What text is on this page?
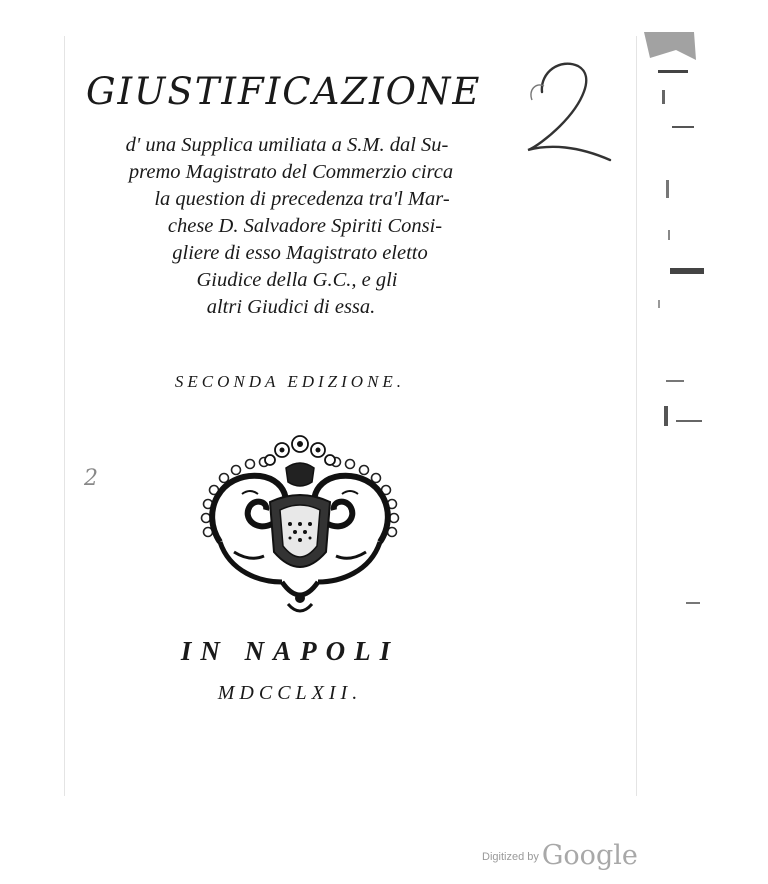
GIUSTIFICAZIONE
d' una Supplica umiliata a S.M. dal Su-
premo Magistrato del Commerzio circa
la question di precedenza tra'l Mar-
chese D. Salvadore Spiriti Consi-
gliere di esso Magistrato eletto
Giudice della G.C., e gli
altri Giudici di essa.
SECONDA EDIZIONE.
IN NAPOLI
MDCCLXII.
2
$^{Digitized by}$ Google
